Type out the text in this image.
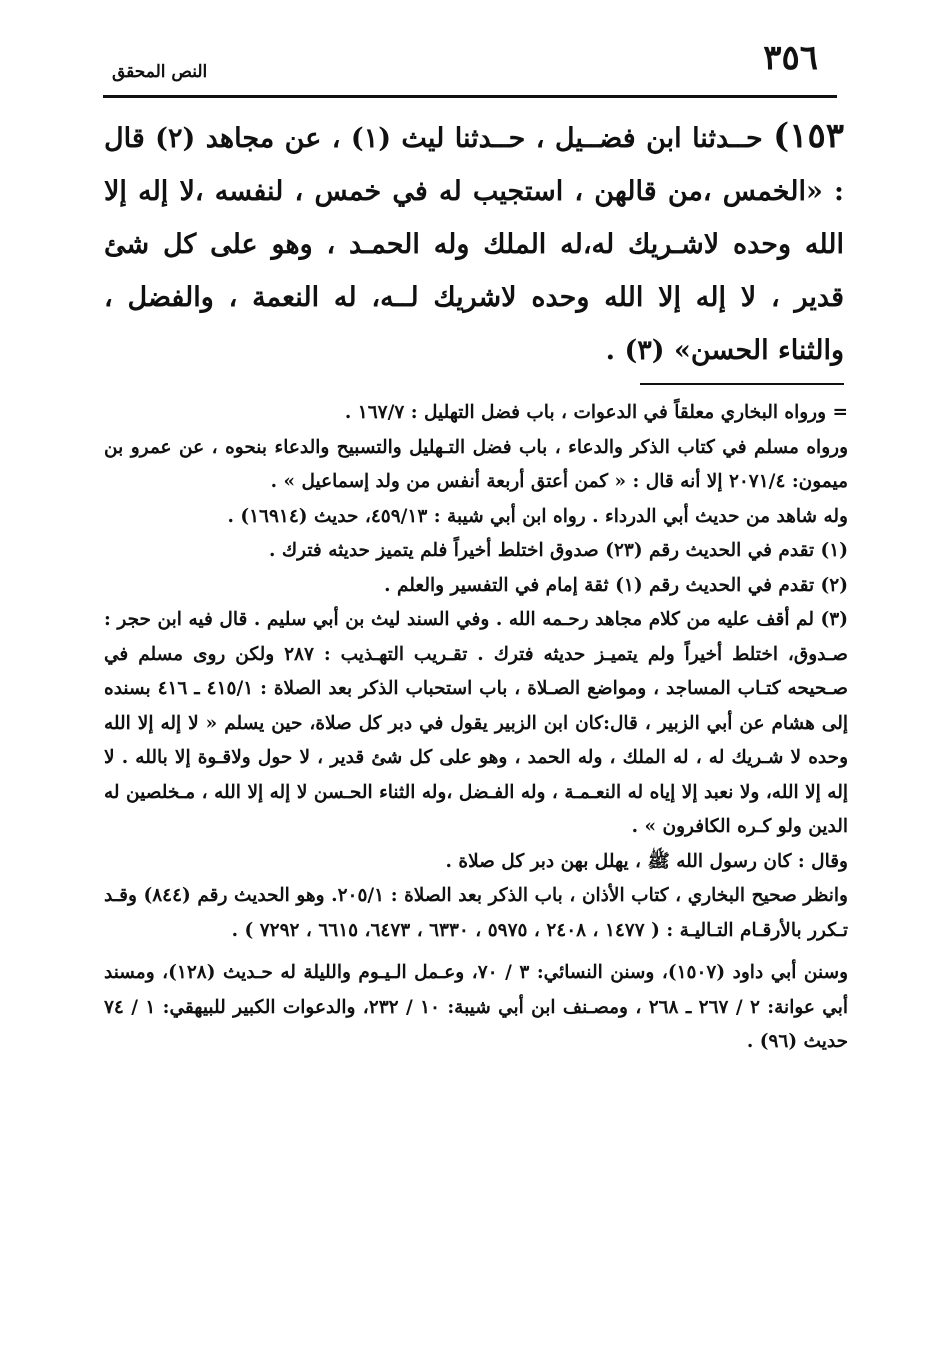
٣٥٦
النص المحقق
١٥٣) حــدثنا ابن فضــيل ، حــدثنا ليث (١) ، عن مجاهد (٢) قال : «الخمس ،من قالهن ، استجيب له في خمس ، لنفسه ،لا إله إلا الله وحده لاشـريك له،له الملك وله الحمـد ، وهو على كل شئ قدير ، لا إله إلا الله وحده لاشريك لــه، له النعمة ، والفضل ، والثناء الحسن» (٣) .

= ورواه البخاري معلقاً في الدعوات ، باب فضل التهليل : ١٦٧/٧ .

ورواه مسلم في كتاب الذكر والدعاء ، باب فضل التـهليل والتسبيح والدعاء بنحوه ، عن عمرو بن ميمون: ٢٠٧١/٤ إلا أنه قال : « كمن أعتق أربعة أنفس من ولد إسماعيل » .

وله شاهد من حديث أبي الدرداء . رواه ابن أبي شيبة : ٤٥٩/١٣، حديث (١٦٩١٤) .

(١) تقدم في الحديث رقم (٢٣) صدوق اختلط أخيراً فلم يتميز حديثه فترك .

(٢) تقدم في الحديث رقم (١) ثقة إمام في التفسير والعلم .

(٣) لم أقف عليه من كلام مجاهد رحـمه الله . وفي السند ليث بن أبي سليم . قال فيه ابن حجر : صـدوق، اختلط أخيراً ولم يتميـز حديثه فترك . تقـريب التهـذيب : ٢٨٧ ولكن روى مسلم في صـحيحه كتـاب المساجد ، ومواضع الصـلاة ، باب استحباب الذكر بعد الصلاة : ٤١٥/١ ـ ٤١٦ بسنده إلى هشام عن أبي الزبير ، قال:كان ابن الزبير يقول في دبر كل صلاة، حين يسلم « لا إله إلا الله وحده لا شـريك له ، له الملك ، وله الحمد ، وهو على كل شئ قدير ، لا حول ولاقـوة إلا بالله . لا إله إلا الله، ولا نعبد إلا إياه له النعـمـة ، وله الفـضل ،وله الثناء الحـسن لا إله إلا الله ، مـخلصين له الدين ولو كـره الكافرون » .

وقال : كان رسول الله ﷺ ، يهلل بهن دبر كل صلاة .

وانظر صحيح البخاري ، كتاب الأذان ، باب الذكر بعد الصلاة : ٢٠٥/١. وهو الحديث رقم (٨٤٤) وقـد تـكرر بالأرقـام التـاليـة : ( ١٤٧٧ ، ٢٤٠٨ ، ٥٩٧٥ ، ٦٣٣٠ ، ٦٤٧٣، ٦٦١٥ ، ٧٢٩٢ ) .

وسنن أبي داود (١٥٠٧)، وسنن النسائي: ٣ / ٧٠، وعـمل الـيـوم والليلة له حـديث (١٢٨)، ومسند أبي عوانة: ٢ / ٢٦٧ ـ ٢٦٨ ، ومصـنف ابن أبي شيبة: ١٠ / ٢٣٢، والدعوات الكبير للبيهقي: ١ / ٧٤ حديث (٩٦) .
